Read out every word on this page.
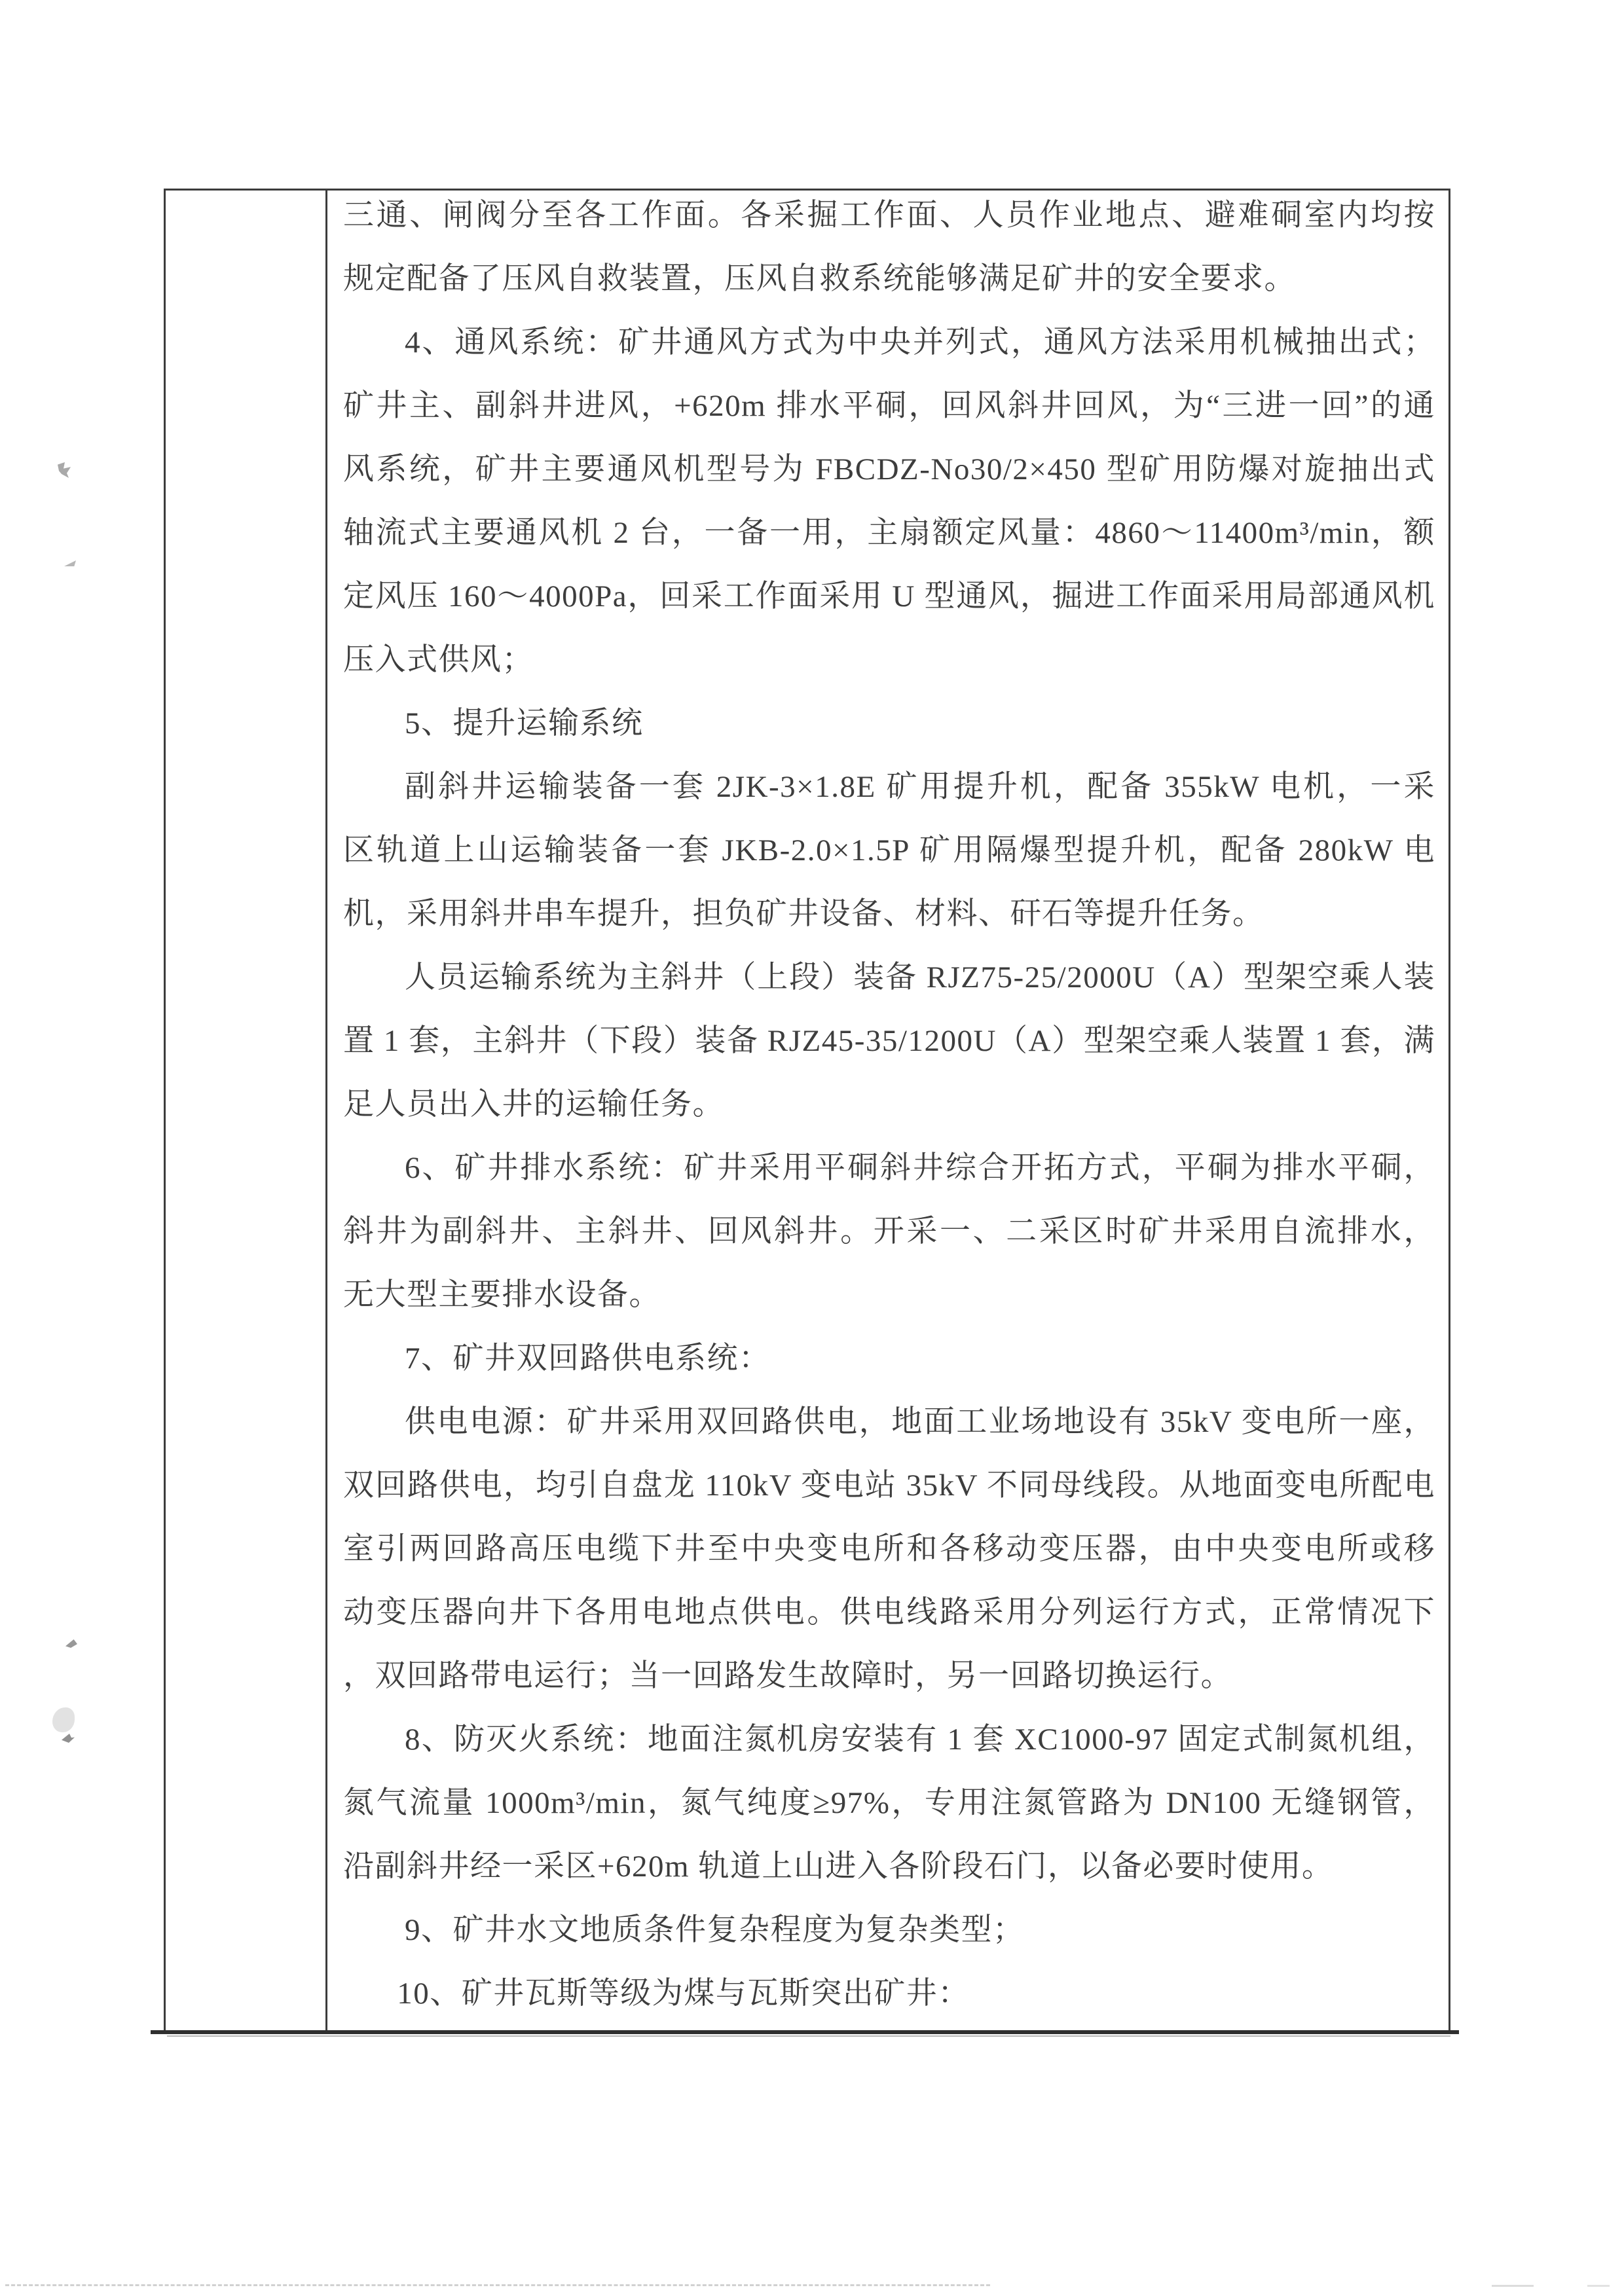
三通、闸阀分至各工作面。各采掘工作面、人员作业地点、避难硐室内均按
规定配备了压风自救装置，压风自救系统能够满足矿井的安全要求。
4、通风系统：矿井通风方式为中央并列式，通风方法采用机械抽出式；
矿井主、副斜井进风，+620m 排水平硐，回风斜井回风，为“三进一回”的通
风系统，矿井主要通风机型号为 FBCDZ-No30/2×450 型矿用防爆对旋抽出式
轴流式主要通风机 2 台，一备一用，主扇额定风量：4860～11400m³/min，额
定风压 160～4000Pa，回采工作面采用 U 型通风，掘进工作面采用局部通风机
压入式供风；
5、提升运输系统
副斜井运输装备一套 2JK-3×1.8E 矿用提升机，配备 355kW 电机，一采
区轨道上山运输装备一套 JKB-2.0×1.5P 矿用隔爆型提升机，配备 280kW 电
机，采用斜井串车提升，担负矿井设备、材料、矸石等提升任务。
人员运输系统为主斜井（上段）装备 RJZ75-25/2000U（A）型架空乘人装
置 1 套，主斜井（下段）装备 RJZ45-35/1200U（A）型架空乘人装置 1 套，满
足人员出入井的运输任务。
6、矿井排水系统：矿井采用平硐斜井综合开拓方式，平硐为排水平硐，
斜井为副斜井、主斜井、回风斜井。开采一、二采区时矿井采用自流排水，
无大型主要排水设备。
7、矿井双回路供电系统：
供电电源：矿井采用双回路供电，地面工业场地设有 35kV 变电所一座，
双回路供电，均引自盘龙 110kV 变电站 35kV 不同母线段。从地面变电所配电
室引两回路高压电缆下井至中央变电所和各移动变压器，由中央变电所或移
动变压器向井下各用电地点供电。供电线路采用分列运行方式，正常情况下
，双回路带电运行；当一回路发生故障时，另一回路切换运行。
8、防灭火系统：地面注氮机房安装有 1 套 XC1000-97 固定式制氮机组，
氮气流量 1000m³/min，氮气纯度≥97%，专用注氮管路为 DN100 无缝钢管，
沿副斜井经一采区+620m 轨道上山进入各阶段石门，以备必要时使用。
9、矿井水文地质条件复杂程度为复杂类型；
10、矿井瓦斯等级为煤与瓦斯突出矿井：
